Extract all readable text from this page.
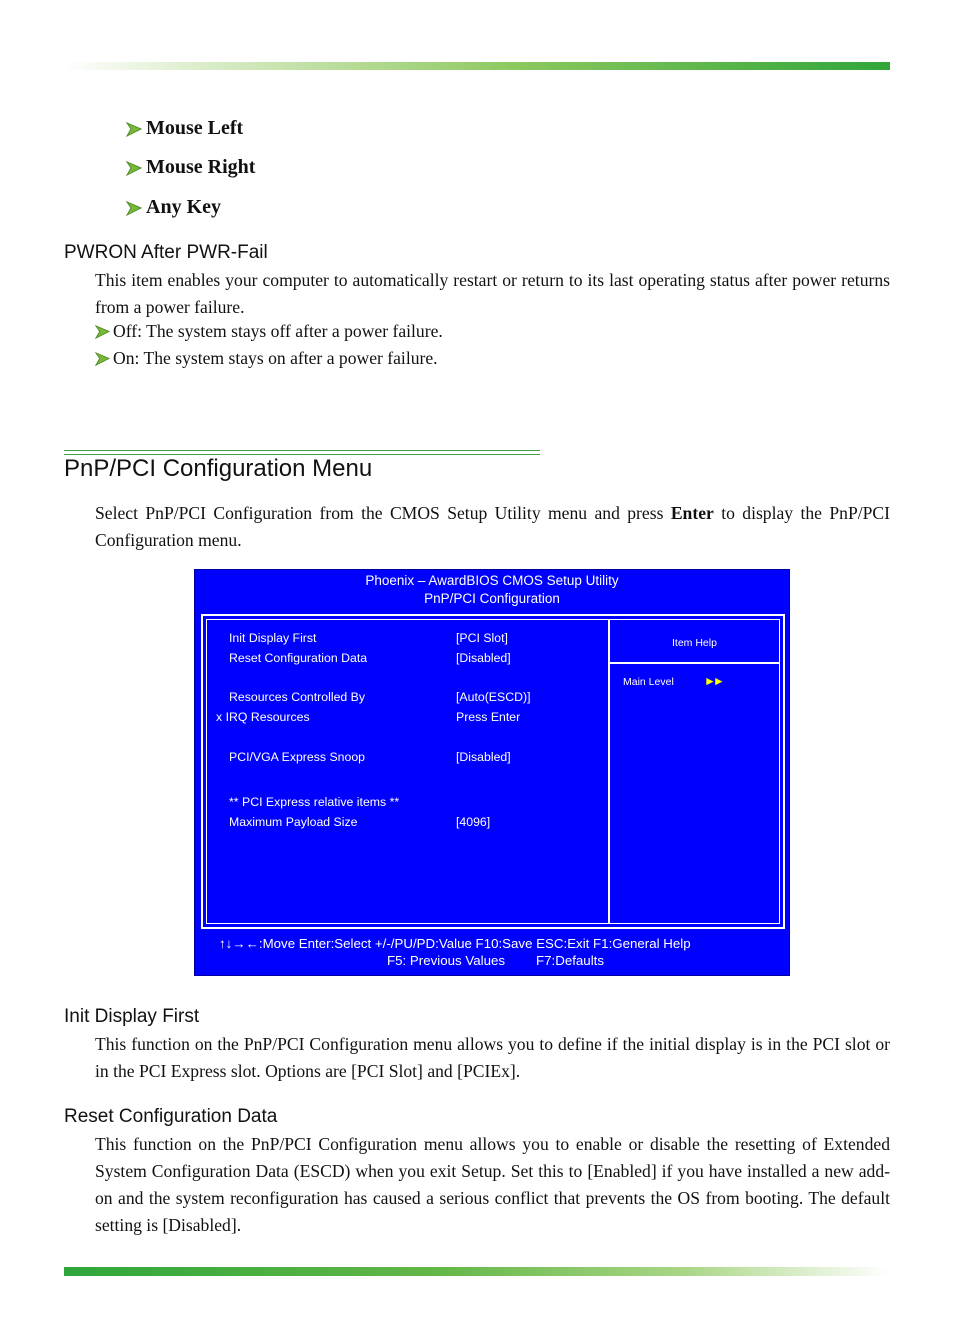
Mouse Left
Mouse Right
Any Key
PWRON After PWR-Fail
This item enables your computer to automatically restart or return to its last operating status after power returns from a power failure.
Off: The system stays off after a power failure.
On: The system stays on after a power failure.
PnP/PCI Configuration Menu
Select PnP/PCI Configuration from the CMOS Setup Utility menu and press Enter to display the PnP/PCI Configuration menu.
Phoenix – AwardBIOS CMOS Setup Utility
PnP/PCI Configuration
Init Display First	[PCI Slot]
Reset Configuration Data	[Disabled]
Resources Controlled By	[Auto(ESCD)]
x IRQ Resources	Press Enter
PCI/VGA Express Snoop	[Disabled]
** PCI Express relative items **
Maximum Payload Size	[4096]
Item Help
Main Level	►►
↑↓→←:Move Enter:Select +/-/PU/PD:Value F10:Save ESC:Exit F1:General Help
F5: Previous Values F7:Defaults
Init Display First
This function on the PnP/PCI Configuration menu allows you to define if the initial display is in the PCI slot or in the PCI Express slot. Options are [PCI Slot] and [PCIEx].
Reset Configuration Data
This function on the PnP/PCI Configuration menu allows you to enable or disable the resetting of Extended System Configuration Data (ESCD) when you exit Setup. Set this to [Enabled] if you have installed a new add-on and the system reconfiguration has caused a serious conflict that prevents the OS from booting. The default setting is [Disabled].
